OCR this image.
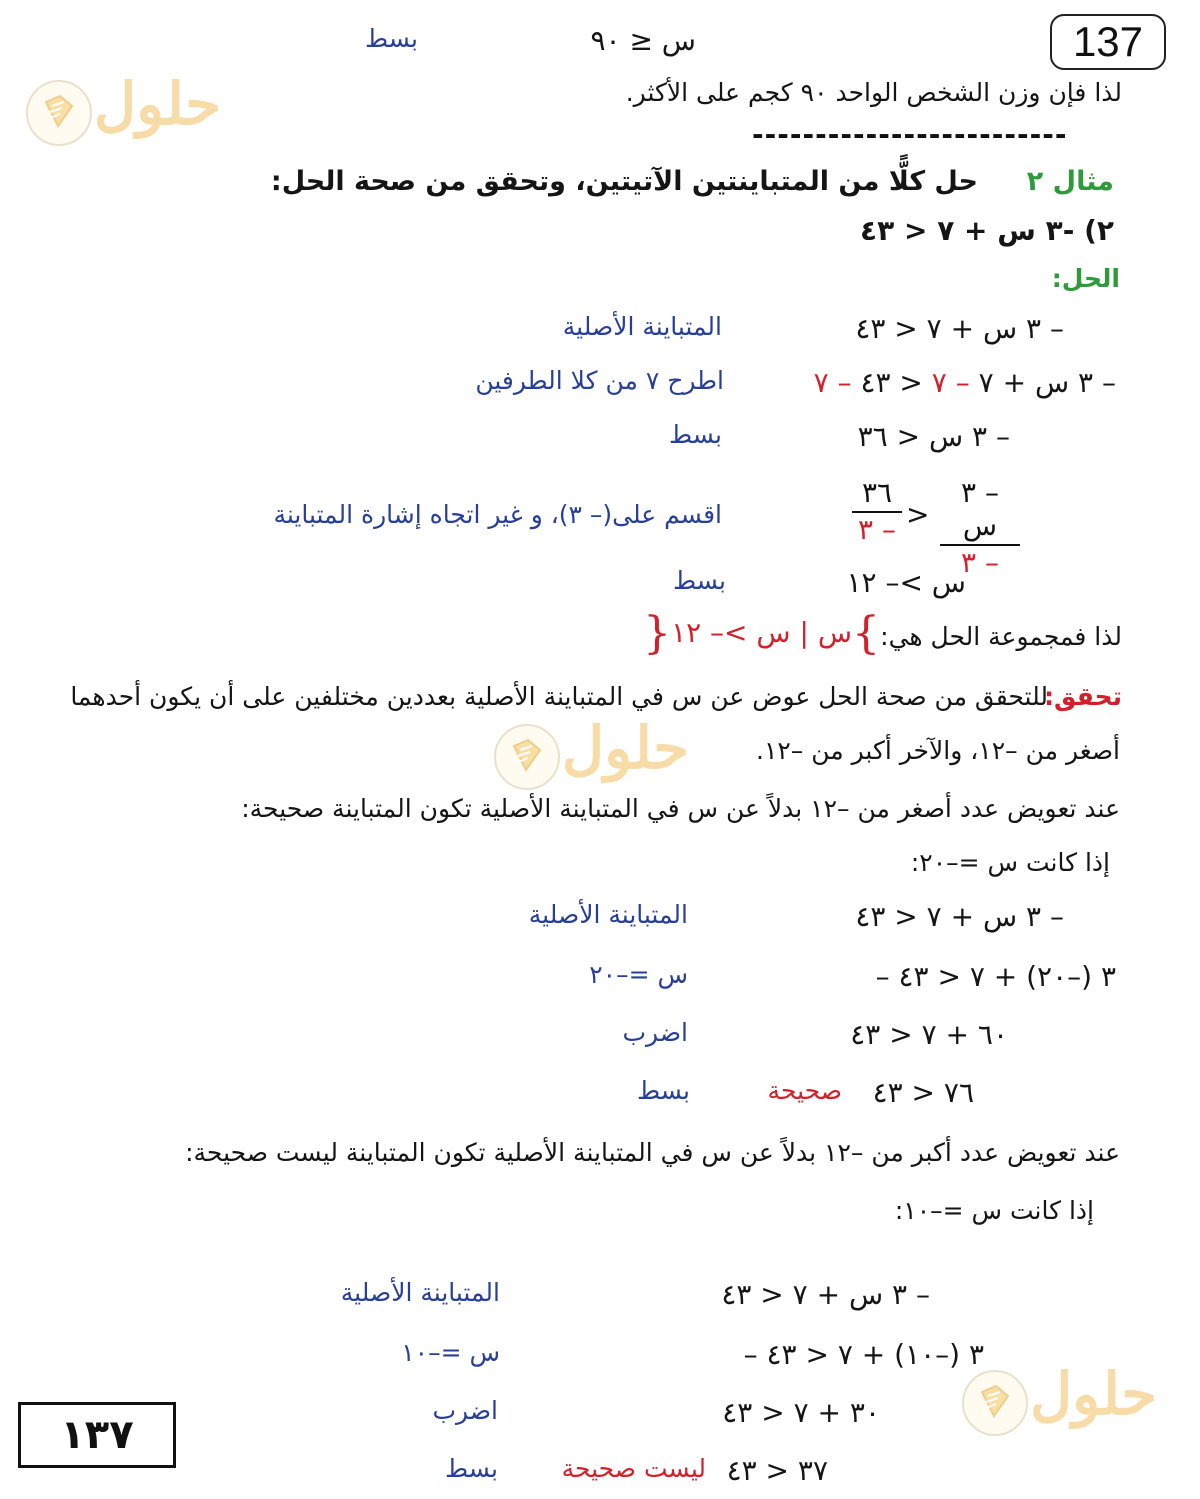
137
١٣٧
حلول
حلول
حلول
س ≤ ٩٠
بسط
لذا فإن وزن الشخص الواحد ٩٠ كجم على الأكثر.
-------------------------
مثال ٢
حل كلًّا من المتباينتين الآتيتين، وتحقق من صحة الحل:
٢) -٣ س + ٧ < ٤٣
الحل:
– ٣ س + ٧ < ٤٣
المتباينة الأصلية
– ٣ س + ٧ – ٧ < ٤٣ – ٧
اطرح ٧ من كلا الطرفين
– ٣ س < ٣٦
بسط
– ٣ س
– ٣
>
٣٦
– ٣
اقسم على(– ٣)، و غير اتجاه إشارة المتباينة
س >– ١٢
بسط
لذا فمجموعة الحل هي:
}س | س >– ١٢{
تحقق:
للتحقق من صحة الحل عوض عن س في المتباينة الأصلية بعددين مختلفين على أن يكون أحدهما
أصغر من –١٢، والآخر أكبر من –١٢.
عند تعويض عدد أصغر من –١٢ بدلاً عن س في المتباينة الأصلية تكون المتباينة صحيحة:
إذا كانت س =–٢٠:
– ٣ س + ٧ < ٤٣
المتباينة الأصلية
– ٣ (–٢٠) + ٧ < ٤٣
س =–٢٠
٦٠ + ٧ < ٤٣
اضرب
٧٦ < ٤٣
صحيحة
بسط
عند تعويض عدد أكبر من –١٢ بدلاً عن س في المتباينة الأصلية تكون المتباينة ليست صحيحة:
إذا كانت س =–١٠:
– ٣ س + ٧ < ٤٣
المتباينة الأصلية
– ٣ (–١٠) + ٧ < ٤٣
س =–١٠
٣٠ + ٧ < ٤٣
اضرب
٣٧ < ٤٣
ليست صحيحة
بسط
